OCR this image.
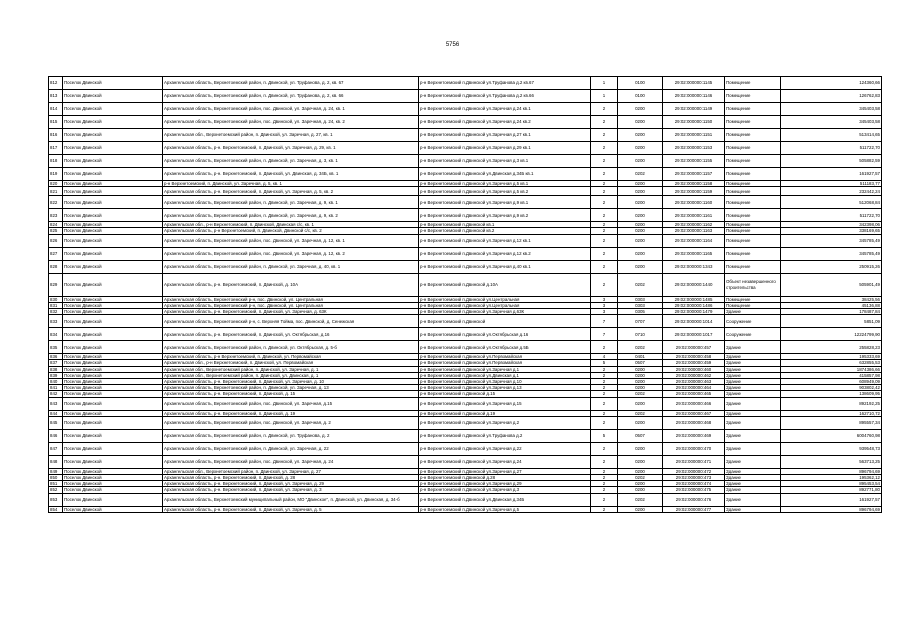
5756
812	Поселок Двинской	Архангельская область, Верхнетоемский район, п. Двинской, ул. Труфанова, д. 2, кв. 67	р-н Верхнетоемский п.Двинской ул.Труфанова д.2 кв.67	1	0100	29:02:000000:1145	Помещение	124360,66
813	Поселок Двинской	Архангельская область, Верхнетоемский район, п. Двинской, ул. Труфанова, д. 2, кв. 66	р-н Верхнетоемский п.Двинской ул.Труфанова д.2 кв.66	1	0100	29:02:000000:1146	Помещение	126762,83
814	Поселок Двинской	Архангельская область, Верхнетоемский район, пос. Двинской, ул. Заречная, д. 24, кв. 1	р-н Верхнетоемский п.Двинской ул.Заречная д.24 кв.1	2	0200	29:02:000000:1149	Помещение	345403,58
815	Поселок Двинской	Архангельская область, Верхнетоемский район, пос. Двинской, ул. Заречная, д. 24, кв. 2	р-н Верхнетоемский п.Двинской ул.Заречная д.24 кв.2	2	0200	29:02:000000:1150	Помещение	345403,58
816	Поселок Двинской	Архангельская обл., Верхнетоемский район, п. Двинской, ул. Заречная, д. 27, кв. 1	р-н Верхнетоемский п.Двинской ул.Заречная д.27 кв.1	2	0200	29:02:000000:1151	Помещение	513414,65
817	Поселок Двинской	Архангельская область, р-н. Верхнетоемский, п. Двинской, ул. Заречная, д. 29, кв. 1	р-н Верхнетоемский п.Двинской ул.Заречная д.29 кв.1	2	0200	29:02:000000:1153	Помещение	511722,70
818	Поселок Двинской	Архангельская область, Верхнетоемский район, п. Двинской, ул. Заречная, д. 3, кв. 1	р-н Верхнетоемский п.Двинской ул.Заречная д.3 кв.1	2	0200	29:02:000000:1155	Помещение	505882,59
819	Поселок Двинской	Архангельская область, р-н. Верхнетоемский, п. Двинской, ул. Двинская, д. 34Б, кв. 1	р-н Верхнетоемский п.Двинской ул.Двинская д.34Б кв.1	2	0202	29:02:000000:1157	Помещение	161927,57
820	Поселок Двинской	р-н Верхнетоемский, п. Двинской, ул. Заречная, д. 5, кв. 1	р-н Верхнетоемский п.Двинской ул.Заречная д.5 кв.1	2	0200	29:02:000000:1158	Помещение	511183,77
821	Поселок Двинской	Архангельская область, р-н. Верхнетоемский, п. Двинской, ул. Заречная, д. 5, кв. 2	р-н Верхнетоемский п.Двинской ул.Заречная д.5 кв.2	2	0200	29:02:000000:1159	Помещение	232442,24
822	Поселок Двинской	Архангельская область, Верхнетоемский район, п. Двинской, ул. Заречная, д. 9, кв. 1	р-н Верхнетоемский п.Двинской ул.Заречная д.9 кв.1	2	0200	29:02:000000:1160	Помещение	512068,84
823	Поселок Двинской	Архангельская область, Верхнетоемский район, п. Двинской, ул. Заречная, д. 9, кв. 2	р-н Верхнетоемский п.Двинской ул.Заречная д.9 кв.2	2	0200	29:02:000000:1161	Помещение	511722,70
824	Поселок Двинской	Архангельская обл., р-н Верхнетоемский, п. Двинской, Двинская с/с, кв. 1	р-н Верхнетоемский п.Двинской кв.1	2	0200	29:02:000000:1162	Помещение	342398,06
825	Поселок Двинской	Архангельская область, р-н Верхнетоемский, п. Двинской, Двинской с/с, кв. 2	р-н Верхнетоемский п.Двинской кв.2	2	0200	29:02:000000:1163	Помещение	338169,65
826	Поселок Двинской	Архангельская область, Верхнетоемский район, пос. Двинской, ул. Заречная, д. 12, кв. 1	р-н Верхнетоемский п.Двинской ул.Заречная д.12 кв.1	2	0200	29:02:000000:1164	Помещение	345785,49
827	Поселок Двинской	Архангельская область, Верхнетоемский район, пос. Двинской, ул. Заречная, д. 12, кв. 2	р-н Верхнетоемский п.Двинской ул.Заречная д.12 кв.2	2	0200	29:02:000000:1165	Помещение	345785,49
828	Поселок Двинской	Архангельская область, Верхнетоемский район, п. Двинской, ул. Заречная, д. 40, кв. 1	р-н Верхнетоемский п.Двинской ул.Заречная д.40 кв.1	2	0200	29:02:000000:1343	Помещение	250915,26
829	Поселок Двинской	Архангельская область, р-н. Верхнетоемский, п. Двинской, д. 10А	р-н Верхнетоемский п.Двинской д.10А	2	0202	29:02:000000:1440	Объект незавершенного строительства	505901,49
830	Поселок Двинской	Архангельская область, Верхнетоемский р-н, пос. Двинской, ул. Центральная	р-н Верхнетоемский п.Двинской ул.Центральная	3	0303	29:02:000000:1485	Помещение	38425,56
831	Поселок Двинской	Архангельская область, Верхнетоемский р-н, пос. Двинской, ул. Центральная	р-н Верхнетоемский п.Двинской ул.Центральная	3	0303	29:02:000000:1486	Помещение	45136,88
832	Поселок Двинской	Архангельская область, р-н. Верхнетоемский, п. Двинской, ул. Заречная, д. 63К	р-н Верхнетоемский п.Двинской ул.Заречная д.63К	3	0305	29:02:000000:1479	Здание	178487,84
833	Поселок Двинской	Архангельская область, Верхнетоемский р-н, с. Верхняя Тойма, пос. Двинской, д. Сенежская	р-н Верхнетоемский п.Двинской	7	0707	29:02:000000:1014	Сооружение	5851,09
834	Поселок Двинской	Архангельская область, р-н. Верхнетоемский, п. Двинской, ул. Октябрьская, д.16	р-н Верхнетоемский п.Двинской ул.Октябрьская д.16	7	0710	29:02:000000:1017	Сооружение	12224799,90
835	Поселок Двинской	Архангельская область, Верхнетоемский район, п. Двинской, ул. Октябрьская, д. 5-б	р-н Верхнетоемский п.Двинской ул.Октябрьская д.5Б	2	0202	29:02:000000:457	Здание	255828,23
836	Поселок Двинской	Архангельская область, р-н Верхнетоемский, п. Двинской, ул. Первомайская	р-н Верхнетоемский п.Двинской ул.Первомайская	4	0401	29:02:000000:458	Здание	195333,69
837	Поселок Двинской	Архангельская обл., р-н Верхнетоемский, п. Двинской, ул. Первомайская	р-н Верхнетоемский п.Двинской ул.Первомайская	5	0507	29:02:000000:459	Здание	632855,53
838	Поселок Двинской	Архангельская обл., Верхнетоемский район, п. Двинской, ул. Заречная, д. 1	р-н Верхнетоемский п.Двинской ул.Заречная д.1	2	0200	29:02:000000:460	Здание	1874386,66
839	Поселок Двинской	Архангельская обл., Верхнетоемский район, п. Двинской, ул. Двинская, д. 1	р-н Верхнетоемский п.Двинской ул.Двинская д.1	2	0200	29:02:000000:462	Здание	415857,98
840	Поселок Двинской	Архангельская область, р-н. Верхнетоемский, п. Двинской, ул. Заречная, д. 10	р-н Верхнетоемский п.Двинской ул.Заречная д.10	2	0200	29:02:000000:463	Здание	608949,09
841	Поселок Двинской	Архангельская область, Верхнетоемский район, п. Двинской, ул. Заречная, д. 13	р-н Верхнетоемский п.Двинской ул.Заречная д.13	2	0200	29:02:000000:464	Здание	903802,42
842	Поселок Двинской	Архангельская область, р-н. Верхнетоемский, п. Двинской, д. 15	р-н Верхнетоемский п.Двинской д.15	2	0202	29:02:000000:465	Здание	138609,95
843	Поселок Двинской	Архангельская область, Верхнетоемский район, пос. Двинской, ул. Заречная, д.15	р-н Верхнетоемский п.Двинской ул.Заречная д.15	2	0200	29:02:000000:466	Здание	892192,25
844	Поселок Двинской	Архангельская область, р-н. Верхнетоемский, п. Двинской, д. 19	р-н Верхнетоемский п.Двинской д.19	2	0202	29:02:000000:467	Здание	162710,72
845	Поселок Двинской	Архангельская область, Верхнетоемский район, пос. Двинской, ул. Заречная, д. 2	р-н Верхнетоемский п.Двинской ул.Заречная д.2	2	0200	29:02:000000:468	Здание	895557,34
846	Поселок Двинской	Архангельская область, Верхнетоемский район, п. Двинской, ул. Труфанова, д. 2	р-н Верхнетоемский п.Двинской ул.Труфанова д.2	5	0507	29:02:000000:469	Здание	6004760,98
847	Поселок Двинской	Архангельская область, Верхнетоемский район, п. Двинской, ул. Заречная, д. 22	р-н Верхнетоемский п.Двинской ул.Заречная д.22	2	0200	29:02:000000:470	Здание	939548,73
848	Поселок Двинской	Архангельская область, Верхнетоемский район, пос. Двинской, ул. Заречная, д. 24	р-н Верхнетоемский п.Двинской ул.Заречная д.24	2	0200	29:02:000000:471	Здание	563713,25
849	Поселок Двинской	Архангельская обл., Верхнетоемский район, п. Двинской, ул. Заречная, д. 27	р-н Верхнетоемский п.Двинской ул.Заречная д.27	2	0200	29:02:000000:472	Здание	896794,69
850	Поселок Двинской	Архангельская область, р-н. Верхнетоемский, п. Двинской, д. 28	р-н Верхнетоемский п.Двинской д.28	2	0202	29:02:000000:473	Здание	195362,12
851	Поселок Двинской	Архангельская область, р-н. Верхнетоемский, п. Двинской, ул. Заречная, д. 29	р-н Верхнетоемский п.Двинской ул.Заречная д.29	2	0200	29:02:000000:474	Здание	895453,54
852	Поселок Двинской	Архангельская область, р-н. Верхнетоемский, п. Двинской, ул. Заречная, д. 3	р-н Верхнетоемский п.Двинской ул.Заречная д.3	2	0200	29:02:000000:475	Здание	892771,80
853	Поселок Двинской	Архангельская область, Верхнетоемский муниципальный район, МО "Двинское", п. Двинской, ул. Двинская, д. 34-б	р-н Верхнетоемский п.Двинской ул.Двинская д.34Б	2	0202	29:02:000000:476	Здание	161927,57
854	Поселок Двинской	Архангельская область, р-н. Верхнетоемский, п. Двинской, ул. Заречная, д. 5	р-н Верхнетоемский п.Двинской ул.Заречная д.5	2	0200	29:02:000000:477	Здание	896794,69
